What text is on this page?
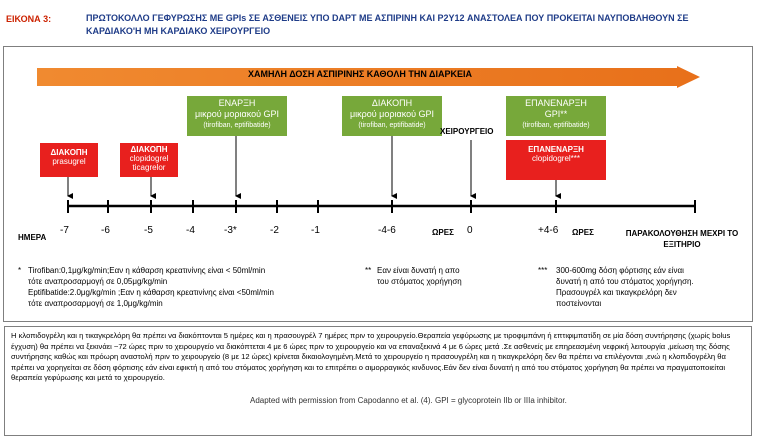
ΕΙΚΟΝΑ 3:	ΠΡΩΤΟΚΟΛΛΟ ΓΕΦΥΡΩΣΗΣ ΜΕ GPIs ΣΕ ΑΣΘΕΝΕΙΣ ΥΠΟ DAPT ΜΕ ΑΣΠΙΡΙΝΗ ΚΑΙ P2Y12 ΑΝΑΣΤΟΛΕΑ ΠΟΥ ΠΡΟΚΕΙΤΑΙ ΝΑΥΠΟΒΛΗΘΟΥΝ ΣΕ ΚΑΡΔΙΑΚΟ'Η ΜΗ ΚΑΡΔΙΑΚΟ ΧΕΙΡΟΥΡΓΕΙΟ
ΧΑΜΗΛΗ ΔΟΣΗ ΑΣΠΙΡΙΝΗΣ ΚΑΘΟΛΗ ΤΗΝ ΔΙΑΡΚΕΙΑ
ΕΝΑΡΞΗ
μικρού μοριακού GPI
(tirofiban, eptifibatide)
ΔΙΑΚΟΠΗ
μικρού μοριακού GPI
(tirofiban, eptifibatide)
ΕΠΑΝΕΝΑΡΞΗ
GPI**
(tirofiban, eptifibatide)
ΔΙΑΚΟΠΗ
prasugrel
ΔΙΑΚΟΠΗ
clopidogrel
ticagrelor
ΕΠΑΝΕΝΑΡΞΗ
clopidogrel***
ΧΕΙΡΟΥΡΓΕΙΟ
ΗΜΕΡΑ
-7	-6	-5	-4	-3*	-2	-1	-4-6	0	+4-6
ΩΡΕΣ	ΩΡΕΣ	ΠΑΡΑΚΟΛΟΥΘΗΣΗ ΜΕΧΡΙ ΤΟ ΕΞΙΤΗΡΙΟ
* Tirofiban:0,1μg/kg/min;Εαν η κάθαρση κρεατινίνης είναι < 50ml/min
τότε αναπροσαρμογή σε 0,05μg/kg/min
Eptifibatide:2.0μg/kg/min ;Εαν η κάθαρση κρεατινίνης είναι <50ml/min
τότε αναπροσαρμογή σε 1,0μg/kg/min
** Εαν είναι δυνατή η απο
του στόματος χορήγηση
*** 300-600mg δόση φόρτισης εάν είναι
δυνατή η από του στόματος χορήγηση.
Πρασουγρέλ και τικαγκρελόρη δεν
ποστείνονται
Η κλοπιδογρέλη και η τικαγκρελόρη θα πρέπει να διακόπτονται 5 ημέρες και η πρασουγρέλ 7 ημέρες πριν το χειρουργείο.Θεραπεία γεφύρωσης με τιροφιμπάνη ή επτιφιμπατίδη σε μία δόση συντήρησης (χωρίς bolus έγχυση) θα πρέπει να ξεκινάει ~72 ώρες πριν το χειρουργείο να διακόπτεται 4 με 6 ώρες πριν το χειρουργείο και να επαναξεκινά 4 με 6 ώρες μετά .Σε ασθενείς με επηρεασμένη νεφρική λειτουργία ,μείωση της δόσης συντήρησης καθώς και πρόωρη αναστολή πριν το χειρουργείο (8 με 12 ώρες) κρίνεται δικαιολογημένη.Μετά το χειρουργείο η πρασουγρέλη και η τικαγκρελόρη δεν θα πρέπει να επιλέγονται ,ενώ η κλοπιδογρέλη θα πρέπει να χορηγείται σε δόση φόρτισης εάν είναι εφικτή η από του στόματος χορήγηση και το επιτρέπει ο αιμορραγικός κινδυνος.Εάν δεν είναι δυνατή η από του στόματος χορήγηση θα πρέπει να πραγματοποιείται θεραπεία γεφύρωσης και μετά το χειρουργείο.
Adapted with permission from Capodanno et al. (4). GPI = glycoprotein IIb or IIIa inhibitor.
